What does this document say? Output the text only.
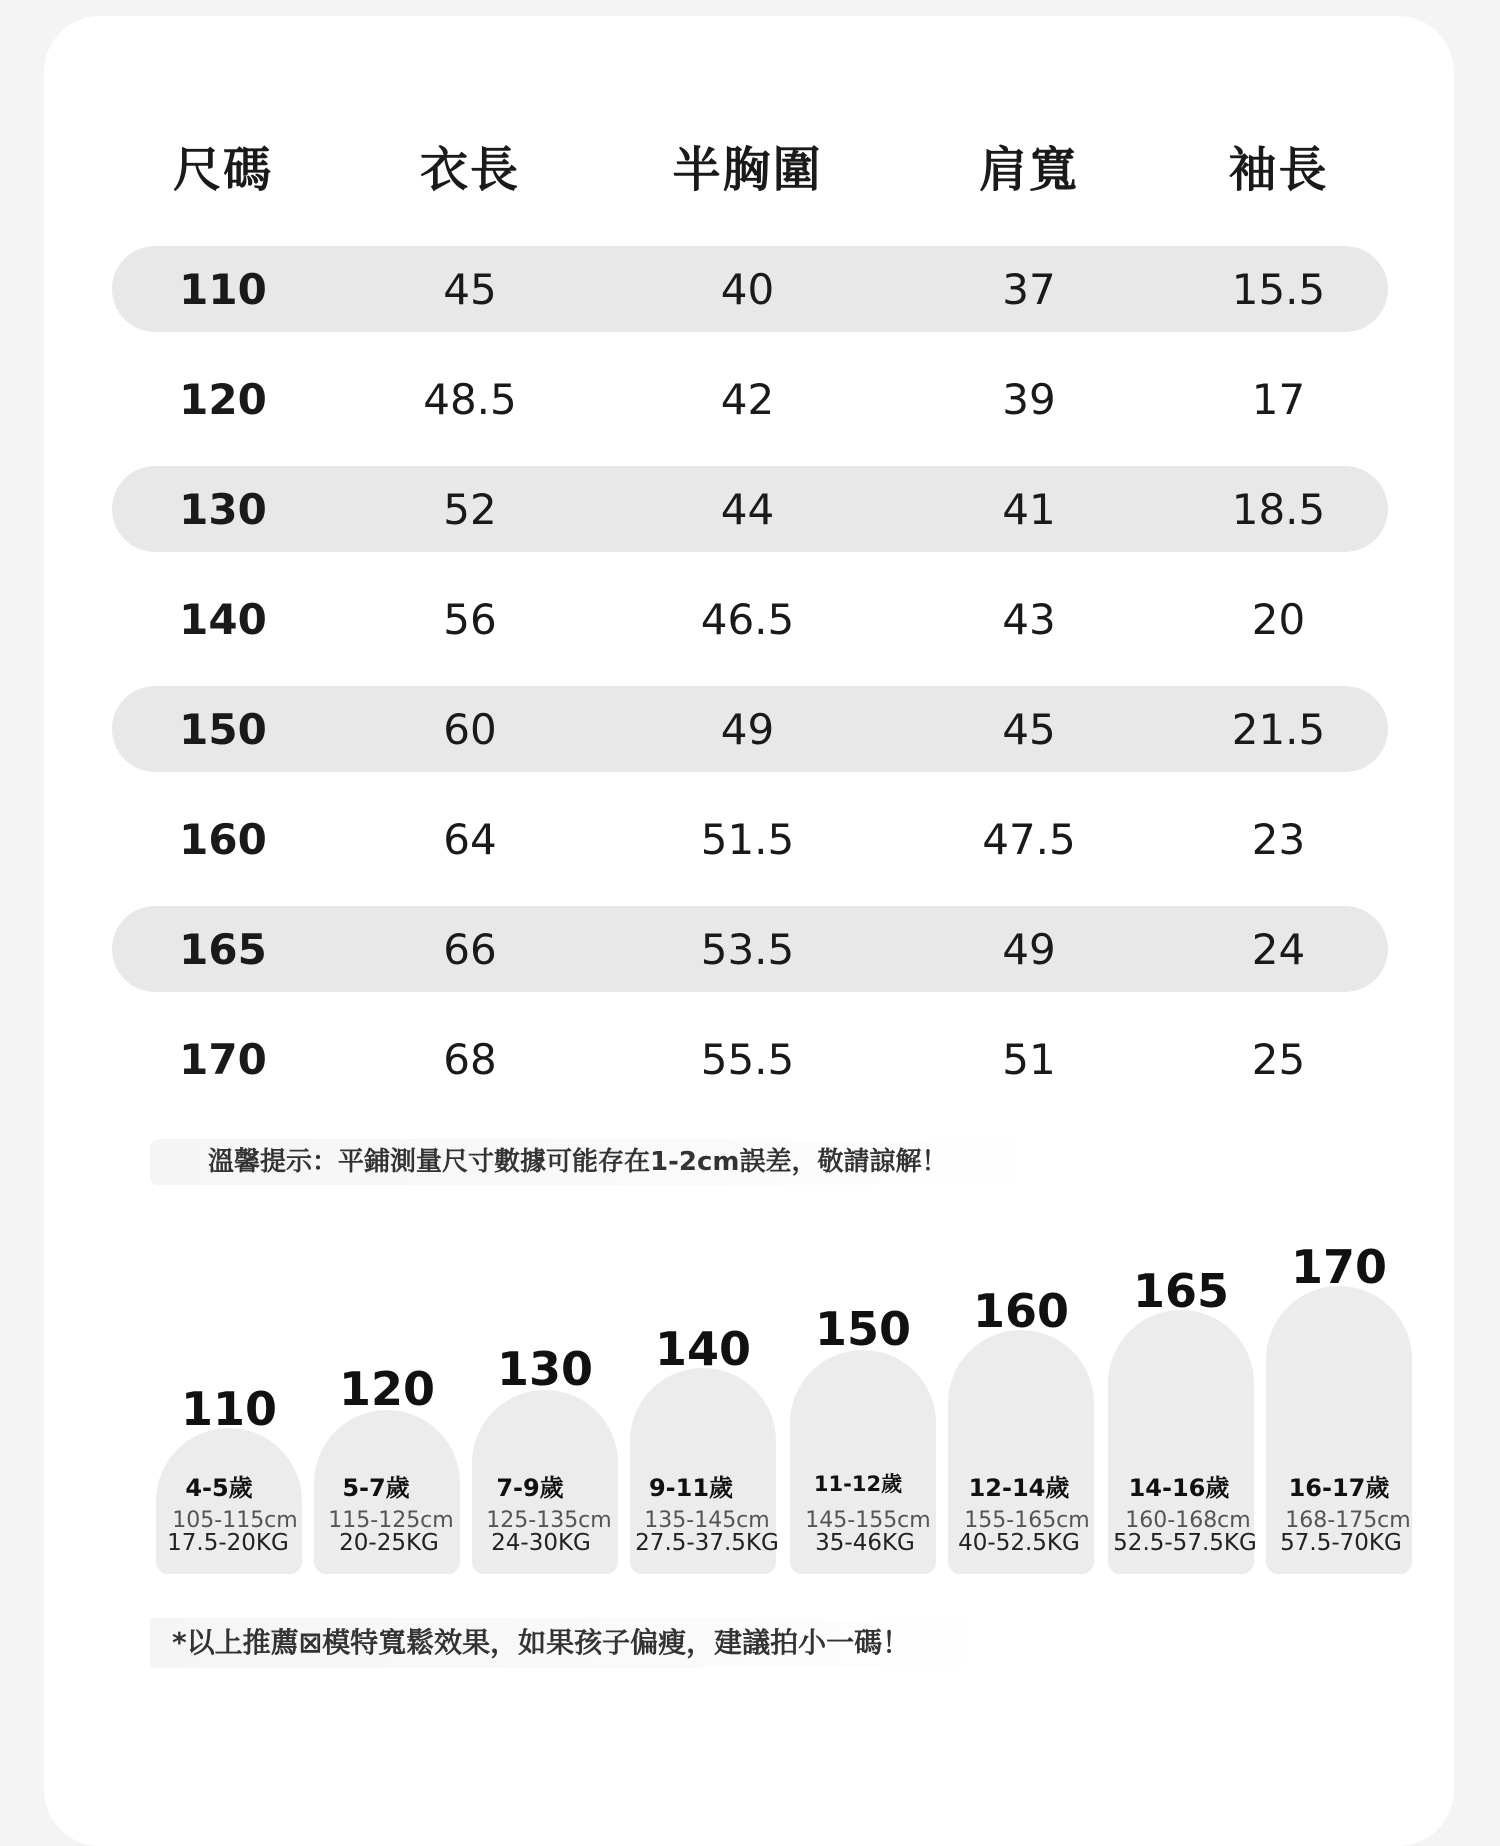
尺碼	衣長	半胸圍	肩寬	袖長
110	45	40	37	15.5
120	48.5	42	39	17
130	52	44	41	18.5
140	56	46.5	43	20
150	60	49	45	21.5
160	64	51.5	47.5	23
165	66	53.5	49	24
170	68	55.5	51	25
溫馨提示：平鋪測量尺寸數據可能存在1-2cm誤差，敬請諒解！
110
4-5歲
105-115cm
17.5-20KG
120
5-7歲
115-125cm
20-25KG
130
7-9歲
125-135cm
24-30KG
140
9-11歲
135-145cm
27.5-37.5KG
150
11-12歲
145-155cm
35-46KG
160
12-14歲
155-165cm
40-52.5KG
165
14-16歲
160-168cm
52.5-57.5KG
170
16-17歲
168-175cm
57.5-70KG
*以上推薦⊠模特寬鬆效果，如果孩子偏瘦，建議拍小一碼！
